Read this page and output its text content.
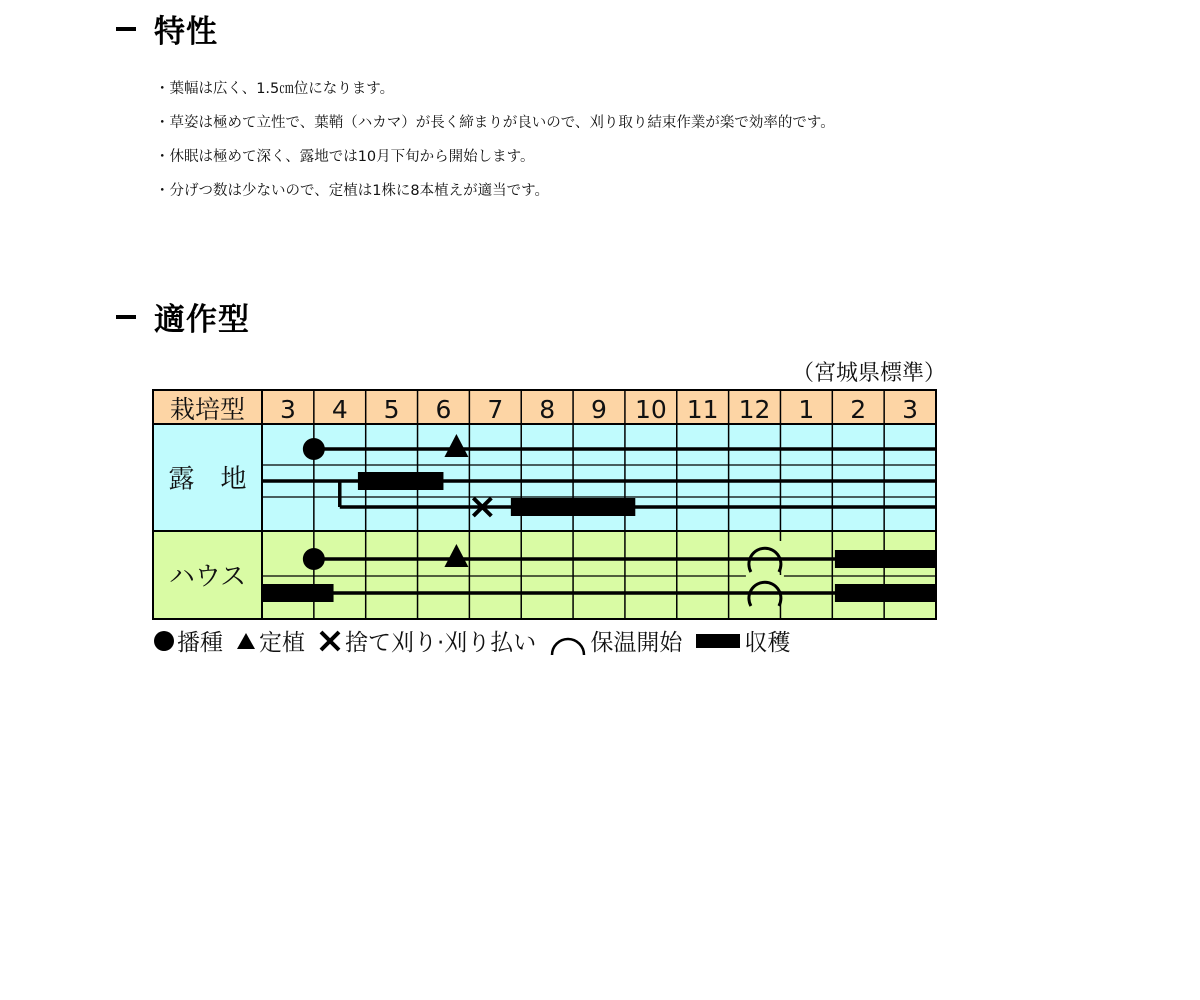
特性
・葉幅は広く、1.5㎝位になります。
・草姿は極めて立性で、葉鞘（ハカマ）が長く締まりが良いので、刈り取り結束作業が楽で効率的です。
・休眠は極めて深く、露地では10月下旬から開始します。
・分げつ数は少ないので、定植は1株に8本植えが適当です。
適作型
（宮城県標準）
栽培型 3 4 5 6 7 8 9 10 11 12 1 2 3
露　地
ハウス
播種 定植 捨て刈り·刈り払い 保温開始	収穫
